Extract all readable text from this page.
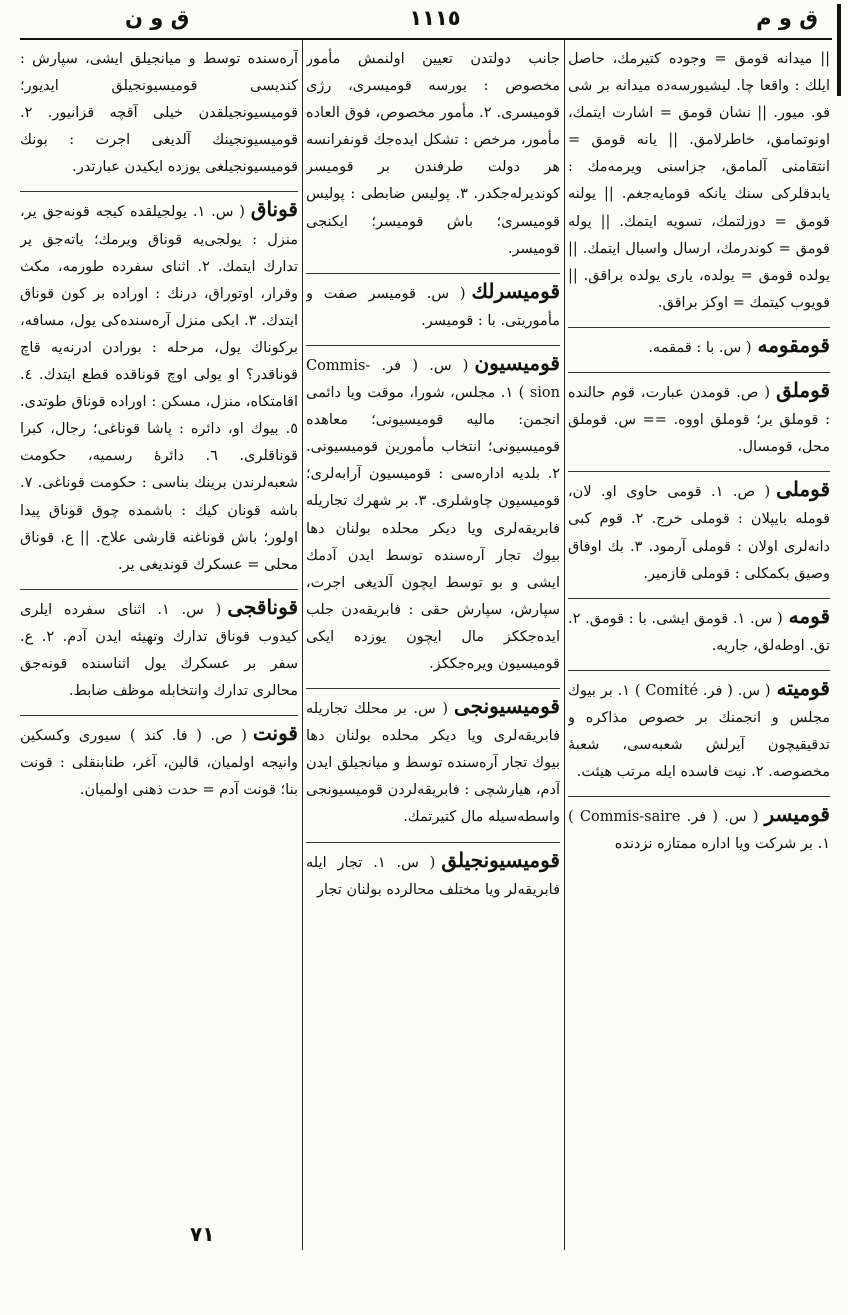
ق و م
١١١٥
ق و ن

|| ميدانه قومق = وجوده كتيرمك، حاصل ايلك : واقعا چا. ليشيورسه‌ده ميدانه بر شی قو. ميور. || نشان قومق = اشارت ايتمك، اونوتمامق، خاطرلامق. || يانه قومق = انتقامنی آلمامق، جزاسنی ويرمه‌مك : يابدقلرکی سنك يانكه قومايه‌جغم. || يولنه قومق = دوزلتمك، تسويه ايتمك. || يوله قومق = كوندرمك، ارسال واسبال ايتمك. || يولده قومق = يولده، يارى يولده براقق. || قويوب كيتمك = اوكز براقق.

قومقومه( س. با : قمقمه.

قوملق( ص. قومدن عبارت، قوم حالنده : قوملق ير؛ قوملق اووه. == س. قوملق محل، قومسال.

قوملی( ص. ١. قومی حاوی او. لان، قومله بايپلان : قوملی خرج. ٢. قوم كبی دانه‌لری اولان : قوملی آرمود. ٣. بك اوفاق وصيق بكمكلی : قوملی قازمير.

قومه( س. ١. قومق ايشی. با : قومق. ٢. تق. اوطه‌لق، جاريه.

قوميته( س. ( فر. Comité ) ١. بر بيوك مجلس و انجمنك بر خصوص مذاكره و تدقيقيچون آيرلش شعبه‌سی، شعبهٔ مخصوصه. ٢. نيت فاسده ايله مرتب هيئت.

قوميسر( س. ( فر. Commis-saire ) ١. بر شركت ويا اداره ممتازه نزدنده

جانب دولتدن تعيين اولنمش مأمور مخصوص : بورسه قوميسری، رژی قوميسری. ٢. مأمور مخصوص، فوق العاده مأمور، مرخص : تشكل ايده‌جك قونفرانسه هر دولت طرفندن بر قوميسر كونديرله‌جكدر. ٣. پوليس ضابطی : پوليس قوميسری؛ باش قوميسر؛ ايكنجی قوميسر.

قوميسرلك( س. قوميسر صفت و مأموريتی. با : قوميسر.

قوميسيون( س. ( فر. Commis-sion ) ١. مجلس، شورا، موقت ويا دائمی انجمن: ماليه قوميسيونی؛ معاهده قوميسيونی؛ انتخاب مأمورين قوميسيونی. ٢. بلديه اداره‌سی : قوميسيون آرابه‌لری؛ قوميسيون چاوشلری. ٣. بر شهرك تجاريله فابريقه‌لری ويا ديكر محلده بولنان دها بيوك تجار آره‌سنده توسط ايدن آدمك ايشی و بو توسط ايچون آلديغی اجرت، سپارش، سپارش حقی : فابريقه‌دن جلب ايده‌جككز مال ايچون يوزده ايكی قوميسيون ويره‌جككز.

قوميسيونجی( س. بر محلك تجاريله فابريقه‌لری ويا ديكر محلده بولنان دها بيوك تجار آره‌سنده توسط و ميانجيلق ايدن آدم، هيارشچی : فابريقه‌لردن قوميسيونجی واسطه‌سيله مال كتيرتمك.

قوميسيونجيلق( س. ١. تجار ايله فابريقه‌لر ويا مختلف محالرده بولنان تجار

آره‌سنده توسط و ميانجيلق ايشی، سپارش : كنديسی قوميسيونجيلق ايديور؛ قوميسيونجيلقدن خيلی آقچه قزانيور. ٢. قوميسيونجينك آلديغی اجرت : بونك قوميسيونجيلغی يوزده ايكيدن عبارتدر.

قوناق( س. ١. يولجيلقده كيجه قونه‌جق ير، منزل : يولجی‌يه قوناق ويرمك؛ ياته‌جق ير تدارك ايتمك. ٢. اثنای سفرده طورمه، مكث وقرار، اوتوراق، درنك : اوراده بر كون قوناق ايتدك. ٣. ايكی منزل آره‌سنده‌كی يول، مسافه، بركوناك يول، مرحله : بورادن ادرنه‌يه قاچ قوناقدر؟ او يولی اوچ قوناقده قطع ايتدك. ٤. اقامتكاه، منزل، مسكن : اوراده قوناق طوتدی. ٥. بيوك او، دائره : پاشا قوناغی؛ رجال، كبرا قوناقلری. ٦. دائرهٔ رسميه، حكومت شعبه‌لرندن برينك بناسی : حكومت قوناغی. ٧. باشه قونان كيك : باشمده چوق قوناق پيدا اولور؛ باش قوناغنه قارشی علاج. || ع. قوناق محلی = عسكرك قونديغی ير.

قوناقجی( س. ١. اثنای سفرده ايلری كيدوب قوناق تدارك وتهيئه ايدن آدم. ٢. ع. سفر بر عسكرك يول اثناسنده قونه‌جق محالری تدارك وانتخابله موظف ضابط.

قونت( ص. ( فا. كند ) سيوری وكسكين وانيجه اولميان، قالين، آغر، طنابنقلی : قونت بنا؛ قونت آدم = حدت ذهنی اولميان.

٧١
